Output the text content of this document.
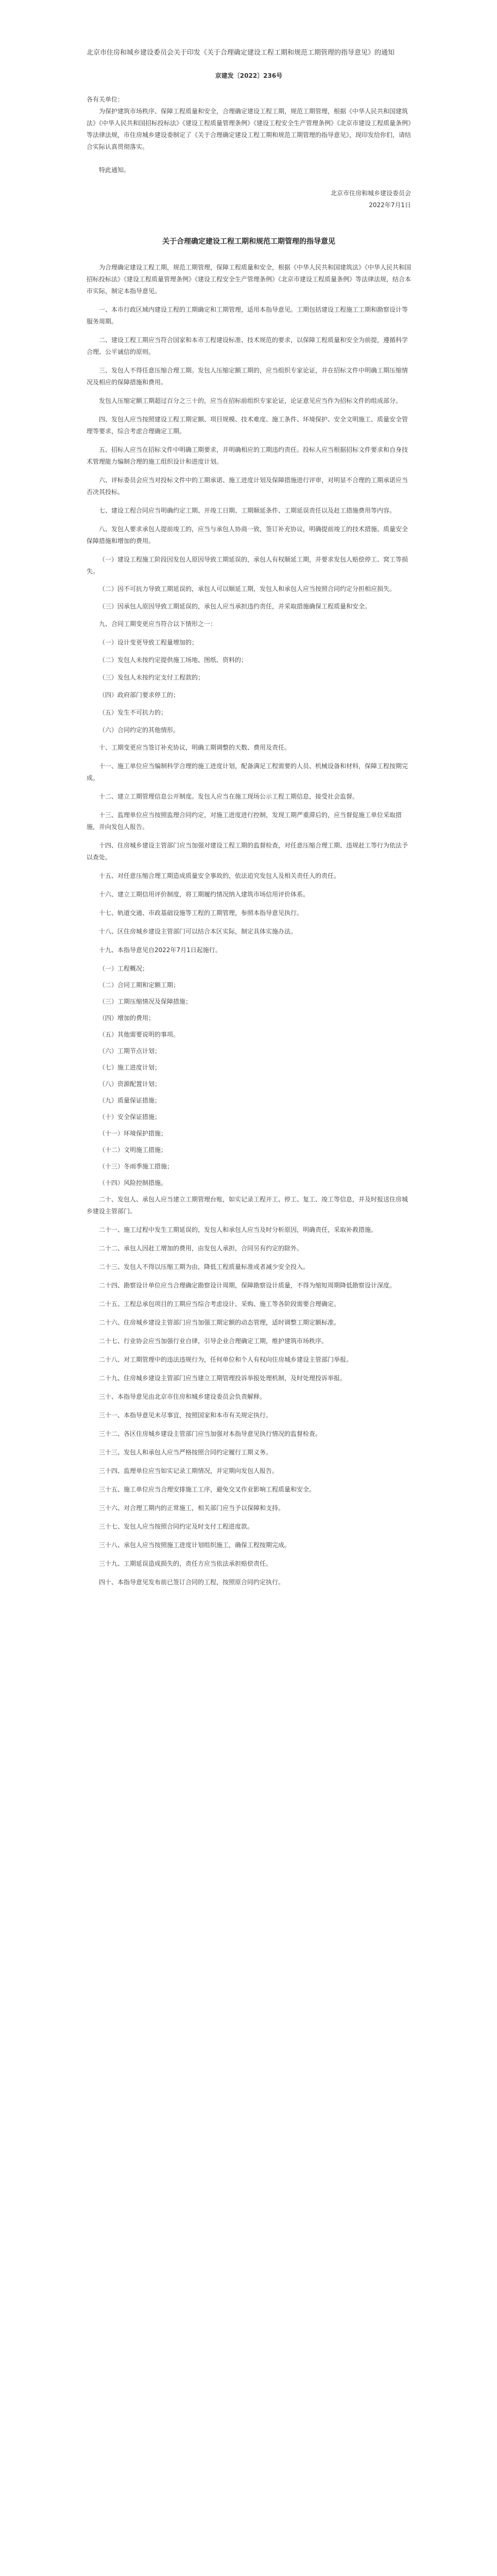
北京市住房和城乡建设委员会关于印发《关于合理确定建设工程工期和规范工期管理的指导意见》的通知
京建发〔2022〕236号

各有关单位：

为保护建筑市场秩序、保障工程质量和安全，合理确定建设工程工期，规范工期管理，根据《中华人民共和国建筑法》《中华人民共和国招标投标法》《建设工程质量管理条例》《建设工程安全生产管理条例》《北京市建设工程质量条例》等法律法规，市住房城乡建设委制定了《关于合理确定建设工程工期和规范工期管理的指导意见》，现印发给你们，请结合实际认真贯彻落实。

特此通知。

北京市住房和城乡建设委员会

2022年7月1日

关于合理确定建设工程工期和规范工期管理的指导意见

为合理确定建设工程工期，规范工期管理，保障工程质量和安全，根据《中华人民共和国建筑法》《中华人民共和国招标投标法》《建设工程质量管理条例》《建设工程安全生产管理条例》《北京市建设工程质量条例》等法律法规，结合本市实际，制定本指导意见。

一、本市行政区域内建设工程的工期确定和工期管理，适用本指导意见。工期包括建设工程施工工期和勘察设计等服务周期。

二、建设工程工期应当符合国家和本市工程建设标准、技术规范的要求，以保障工程质量和安全为前提，遵循科学合理、公平诚信的原则。

三、发包人不得任意压缩合理工期。发包人压缩定额工期的，应当组织专家论证，并在招标文件中明确工期压缩情况及相应的保障措施和费用。

发包人压缩定额工期超过百分之三十的，应当在招标前组织专家论证，论证意见应当作为招标文件的组成部分。

四、发包人应当按照建设工程工期定额、项目规模、技术难度、施工条件、环境保护、安全文明施工、质量安全管理等要求，综合考虑合理确定工期。

五、招标人应当在招标文件中明确工期要求，并明确相应的工期违约责任。投标人应当根据招标文件要求和自身技术管理能力编制合理的施工组织设计和进度计划。

六、评标委员会应当对投标文件中的工期承诺、施工进度计划及保障措施进行评审，对明显不合理的工期承诺应当否决其投标。

七、建设工程合同应当明确约定工期、开竣工日期、工期顺延条件、工期延误责任以及赶工措施费用等内容。

八、发包人要求承包人提前竣工的，应当与承包人协商一致，签订补充协议，明确提前竣工的技术措施、质量安全保障措施和增加的费用。

（一）建设工程施工阶段因发包人原因导致工期延误的，承包人有权顺延工期，并要求发包人赔偿停工、窝工等损失。

（二）因不可抗力导致工期延误的，承包人可以顺延工期，发包人和承包人应当按照合同约定分担相应损失。

（三）因承包人原因导致工期延误的，承包人应当承担违约责任，并采取措施确保工程质量和安全。

九、合同工期变更应当符合以下情形之一：

（一）设计变更导致工程量增加的；

（二）发包人未按约定提供施工场地、图纸、资料的；

（三）发包人未按约定支付工程款的；

（四）政府部门要求停工的；

（五）发生不可抗力的；

（六）合同约定的其他情形。

十、工期变更应当签订补充协议，明确工期调整的天数、费用及责任。

十一、施工单位应当编制科学合理的施工进度计划，配备满足工程需要的人员、机械设备和材料，保障工程按期完成。

十二、建立工期管理信息公开制度。发包人应当在施工现场公示工程工期信息，接受社会监督。

十三、监理单位应当按照监理合同约定，对施工进度进行控制，发现工期严重滞后的，应当督促施工单位采取措施，并向发包人报告。

十四、住房城乡建设主管部门应当加强对建设工程工期的监督检查，对任意压缩合理工期、违规赶工等行为依法予以查处。

十五、对任意压缩合理工期造成质量安全事故的，依法追究发包人及相关责任人的责任。

十六、建立工期信用评价制度，将工期履约情况纳入建筑市场信用评价体系。

十七、轨道交通、市政基础设施等工程的工期管理，参照本指导意见执行。

十八、区住房城乡建设主管部门可以结合本区实际，制定具体实施办法。

十九、本指导意见自2022年7月1日起施行。

（一）工程概况；

（二）合同工期和定额工期；

（三）工期压缩情况及保障措施；

（四）增加的费用；

（五）其他需要说明的事项。

（六）工期节点计划；

（七）施工进度计划；

（八）资源配置计划；

（九）质量保证措施；

（十）安全保证措施；

（十一）环境保护措施；

（十二）文明施工措施；

（十三）冬雨季施工措施；

（十四）风险控制措施。

二十、发包人、承包人应当建立工期管理台账，如实记录工程开工、停工、复工、竣工等信息，并及时报送住房城乡建设主管部门。

二十一、施工过程中发生工期延误的，发包人和承包人应当及时分析原因，明确责任，采取补救措施。

二十二、承包人因赶工增加的费用，由发包人承担，合同另有约定的除外。

二十三、发包人不得以压缩工期为由，降低工程质量标准或者减少安全投入。

二十四、勘察设计单位应当合理确定勘察设计周期，保障勘察设计质量，不得为缩短周期降低勘察设计深度。

二十五、工程总承包项目的工期应当综合考虑设计、采购、施工等各阶段需要合理确定。

二十六、住房城乡建设主管部门应当加强工期定额的动态管理，适时调整工期定额标准。

二十七、行业协会应当加强行业自律，引导企业合理确定工期，维护建筑市场秩序。

二十八、对工期管理中的违法违规行为，任何单位和个人有权向住房城乡建设主管部门举报。

二十九、住房城乡建设主管部门应当建立工期管理投诉举报处理机制，及时处理投诉举报。

三十、本指导意见由北京市住房和城乡建设委员会负责解释。

三十一、本指导意见未尽事宜，按照国家和本市有关规定执行。

三十二、各区住房城乡建设主管部门应当加强对本指导意见执行情况的监督检查。

三十三、发包人和承包人应当严格按照合同约定履行工期义务。

三十四、监理单位应当如实记录工期情况，并定期向发包人报告。

三十五、施工单位应当合理安排施工工序，避免交叉作业影响工程质量和安全。

三十六、对合理工期内的正常施工，相关部门应当予以保障和支持。

三十七、发包人应当按照合同约定及时支付工程进度款。

三十八、承包人应当按照施工进度计划组织施工，确保工程按期完成。

三十九、工期延误造成损失的，责任方应当依法承担赔偿责任。

四十、本指导意见发布前已签订合同的工程，按照原合同约定执行。
